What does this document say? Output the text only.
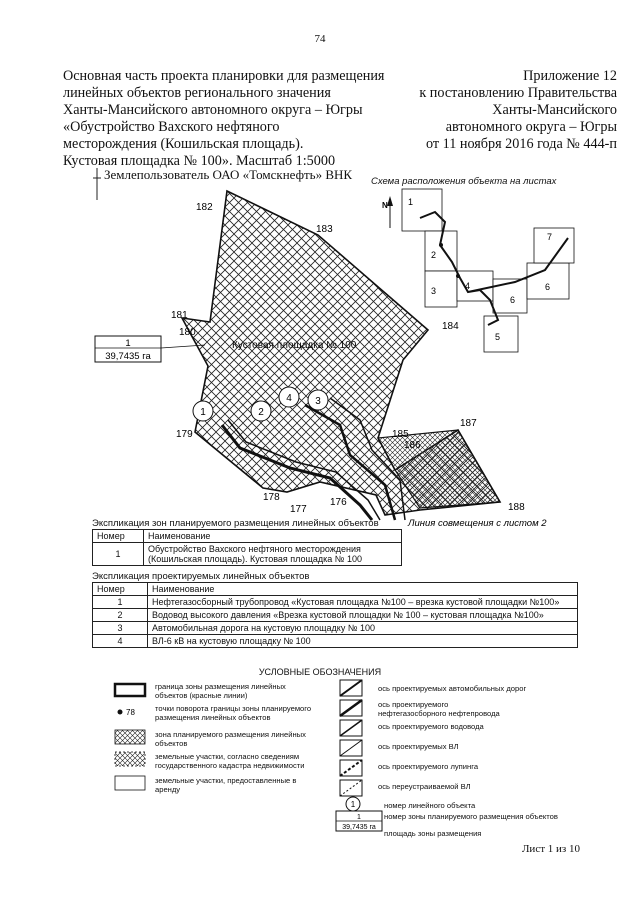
74
Основная часть проекта планировки для размещения
линейных объектов регионального значения
Ханты-Мансийского автономного округа – Югры
«Обустройство Вахского нефтяного
месторождения (Кошильская площадь).
Кустовая площадка № 100». Масштаб 1:5000
Приложение 12
к постановлению Правительства
Ханты-Мансийского
автономного округа – Югры
от 11 ноября 2016 года № 444-п
182
183
181
180
184
179	185
186
187
178
177
176	188
Кустовая площадка № 100
1
39,7435 га
1	2
4 3
N 1
2
3	4
5
6
7
6
Линия совмещения с листом 2
Землепользователь ОАО «Томскнефть» ВНК Схема расположения объекта на листах
Экспликация зон планируемого размещения линейных объектов
Номер	Наименование
1	Обустройство Вахского нефтяного месторождения (Кошильская площадь). Кустовая площадка № 100
Экспликация проектируемых линейных объектов
Номер	Наименование
1	Нефтегазосборный трубопровод «Кустовая площадка №100 – врезка кустовой площадки №100»
2	Водовод высокого давления «Врезка кустовой площадки № 100 – кустовая площадка №100»
3	Автомобильная дорога на кустовую площадку № 100
4	ВЛ-6 кВ на кустовую площадку № 100
УСЛОВНЫЕ ОБОЗНАЧЕНИЯ
78
1
1
39,7435 га
граница зоны размещения линейных объектов (красные линии)
точки поворота границы зоны планируемого размещения линейных объектов
зона планируемого размещения линейных объектов
земельные участки, согласно сведениям государственного кадастра недвижимости
земельные участки, предоставленные в аренду
ось проектируемых автомобильных дорог
ось проектируемого нефтегазосборного нефтепровода
ось проектируемого водовода
ось проектируемых ВЛ
ось проектируемого лупинга
ось переустраиваемой ВЛ
номер линейного объекта
номер зоны планируемого размещения объектов
площадь зоны размещения
Лист 1 из 10
